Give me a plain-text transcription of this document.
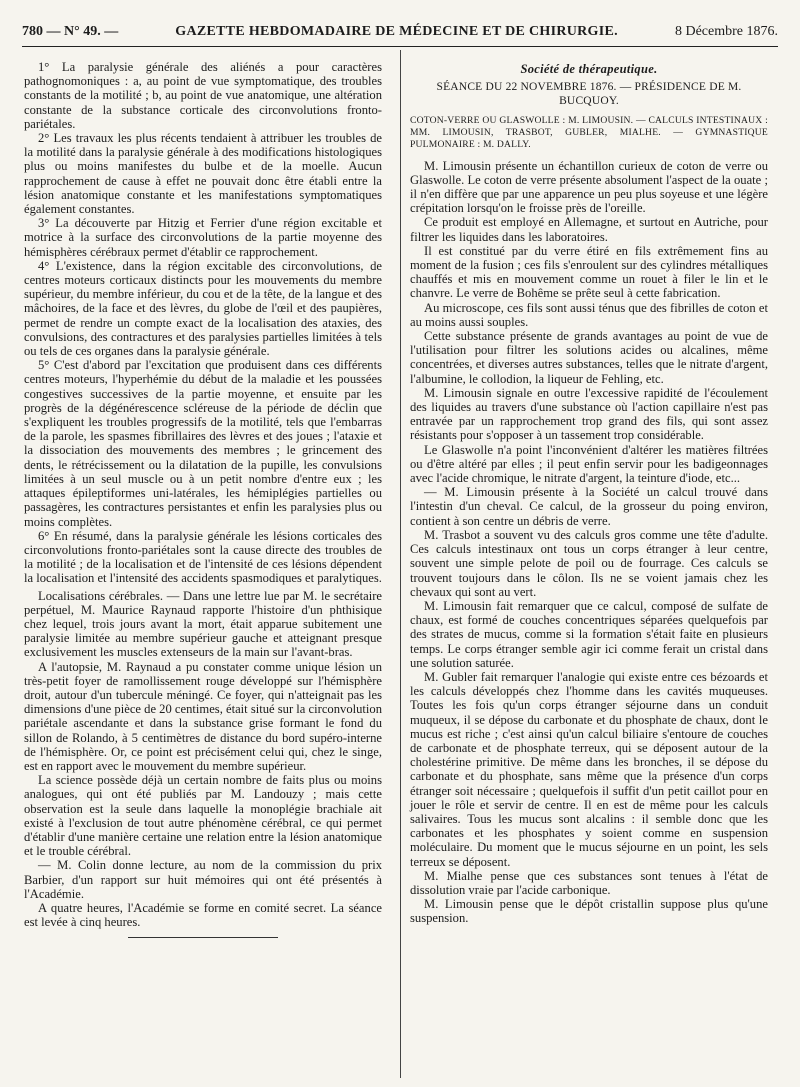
780 — N° 49. —	GAZETTE HEBDOMADAIRE DE MÉDECINE ET DE CHIRURGIE.	8 Décembre 1876.

1° La paralysie générale des aliénés a pour caractères pathognomoniques : a, au point de vue symptomatique, des troubles constants de la motilité ; b, au point de vue anatomique, une altération constante de la substance corticale des circonvolutions fronto-pariétales.

2° Les travaux les plus récents tendaient à attribuer les troubles de la motilité dans la paralysie générale à des modifications histologiques plus ou moins manifestes du bulbe et de la moelle. Aucun rapprochement de cause à effet ne pouvait donc être établi entre la lésion anatomique constante et les manifestations symptomatiques également constantes.

3° La découverte par Hitzig et Ferrier d'une région excitable et motrice à la surface des circonvolutions de la partie moyenne des hémisphères cérébraux permet d'établir ce rapprochement.

4° L'existence, dans la région excitable des circonvolutions, de centres moteurs corticaux distincts pour les mouvements du membre supérieur, du membre inférieur, du cou et de la tête, de la langue et des mâchoires, de la face et des lèvres, du globe de l'œil et des paupières, permet de rendre un compte exact de la localisation des ataxies, des convulsions, des contractures et des paralysies partielles limitées à tels ou tels de ces organes dans la paralysie générale.

5° C'est d'abord par l'excitation que produisent dans ces différents centres moteurs, l'hyperhémie du début de la maladie et les poussées congestives successives de la partie moyenne, et ensuite par les progrès de la dégénérescence scléreuse de la période de déclin que s'expliquent les troubles progressifs de la motilité, tels que l'embarras de la parole, les spasmes fibrillaires des lèvres et des joues ; l'ataxie et la dissociation des mouvements des membres ; le grincement des dents, le rétrécissement ou la dilatation de la pupille, les convulsions limitées à un seul muscle ou à un petit nombre d'entre eux ; les attaques épileptiformes uni-latérales, les hémiplégies partielles ou passagères, les contractures persistantes et enfin les paralysies plus ou moins complètes.

6° En résumé, dans la paralysie générale les lésions corticales des circonvolutions fronto-pariétales sont la cause directe des troubles de la motilité ; de la localisation et de l'intensité de ces lésions dépendent la localisation et l'intensité des accidents spasmodiques et paralytiques.

Localisations cérébrales. — Dans une lettre lue par M. le secrétaire perpétuel, M. Maurice Raynaud rapporte l'histoire d'un phthisique chez lequel, trois jours avant la mort, était apparue subitement une paralysie limitée au membre supérieur gauche et atteignant presque exclusivement les muscles extenseurs de la main sur l'avant-bras.

A l'autopsie, M. Raynaud a pu constater comme unique lésion un très-petit foyer de ramollissement rouge développé sur l'hémisphère droit, autour d'un tubercule méningé. Ce foyer, qui n'atteignait pas les dimensions d'une pièce de 20 centimes, était situé sur la circonvolution pariétale ascendante et dans la substance grise formant le fond du sillon de Rolando, à 5 centimètres de distance du bord supéro-interne de l'hémisphère. Or, ce point est précisément celui qui, chez le singe, est en rapport avec le mouvement du membre supérieur.

La science possède déjà un certain nombre de faits plus ou moins analogues, qui ont été publiés par M. Landouzy ; mais cette observation est la seule dans laquelle la monoplégie brachiale ait existé à l'exclusion de tout autre phénomène cérébral, ce qui permet d'établir d'une manière certaine une relation entre la lésion anatomique et le trouble cérébral.

— M. Colin donne lecture, au nom de la commission du prix Barbier, d'un rapport sur huit mémoires qui ont été présentés à l'Académie.

A quatre heures, l'Académie se forme en comité secret. La séance est levée à cinq heures.

Société de thérapeutique.
SÉANCE DU 22 NOVEMBRE 1876. — PRÉSIDENCE DE M. BUCQUOY.

COTON-VERRE OU GLASWOLLE : M. LIMOUSIN. — CALCULS INTESTINAUX : MM. LIMOUSIN, TRASBOT, GUBLER, MIALHE. — GYMNASTIQUE PULMONAIRE : M. DALLY.

M. Limousin présente un échantillon curieux de coton de verre ou Glaswolle. Le coton de verre présente absolument l'aspect de la ouate ; il n'en diffère que par une apparence un peu plus soyeuse et une légère crépitation lorsqu'on le froisse près de l'oreille.

Ce produit est employé en Allemagne, et surtout en Autriche, pour filtrer les liquides dans les laboratoires.

Il est constitué par du verre étiré en fils extrêmement fins au moment de la fusion ; ces fils s'enroulent sur des cylindres métalliques chauffés et mis en mouvement comme un rouet à filer le lin et le chanvre. Le verre de Bohême se prête seul à cette fabrication.

Au microscope, ces fils sont aussi ténus que des fibrilles de coton et au moins aussi souples.

Cette substance présente de grands avantages au point de vue de l'utilisation pour filtrer les solutions acides ou alcalines, même concentrées, et diverses autres substances, telles que le nitrate d'argent, l'albumine, le collodion, la liqueur de Fehling, etc.

M. Limousin signale en outre l'excessive rapidité de l'écoulement des liquides au travers d'une substance où l'action capillaire n'est pas entravée par un rapprochement trop grand des fils, qui sont assez résistants pour s'opposer à un tassement trop considérable.

Le Glaswolle n'a point l'inconvénient d'altérer les matières filtrées ou d'être altéré par elles ; il peut enfin servir pour les badigeonnages avec l'acide chromique, le nitrate d'argent, la teinture d'iode, etc...

— M. Limousin présente à la Société un calcul trouvé dans l'intestin d'un cheval. Ce calcul, de la grosseur du poing environ, contient à son centre un débris de verre.

M. Trasbot a souvent vu des calculs gros comme une tête d'adulte. Ces calculs intestinaux ont tous un corps étranger à leur centre, souvent une simple pelote de poil ou de fourrage. Ces calculs se trouvent toujours dans le côlon. Ils ne se voient jamais chez les chevaux qui sont au vert.

M. Limousin fait remarquer que ce calcul, composé de sulfate de chaux, est formé de couches concentriques séparées quelquefois par des strates de mucus, comme si la formation s'était faite en plusieurs temps. Le corps étranger semble agir ici comme ferait un cristal dans une solution saturée.

M. Gubler fait remarquer l'analogie qui existe entre ces bézoards et les calculs développés chez l'homme dans les cavités muqueuses. Toutes les fois qu'un corps étranger séjourne dans un conduit muqueux, il se dépose du carbonate et du phosphate de chaux, dont le mucus est riche ; c'est ainsi qu'un calcul biliaire s'entoure de couches de carbonate et de phosphate terreux, qui se déposent autour de la cholestérine primitive. De même dans les bronches, il se dépose du carbonate et du phosphate, sans même que la présence d'un corps étranger soit nécessaire ; quelquefois il suffit d'un petit caillot pour en jouer le rôle et servir de centre. Il en est de même pour les calculs salivaires. Tous les mucus sont alcalins : il semble donc que les carbonates et les phosphates y soient comme en suspension moléculaire. Du moment que le mucus séjourne en un point, les sels terreux se déposent.

M. Mialhe pense que ces substances sont tenues à l'état de dissolution vraie par l'acide carbonique.

M. Limousin pense que le dépôt cristallin suppose plus qu'une suspension.
